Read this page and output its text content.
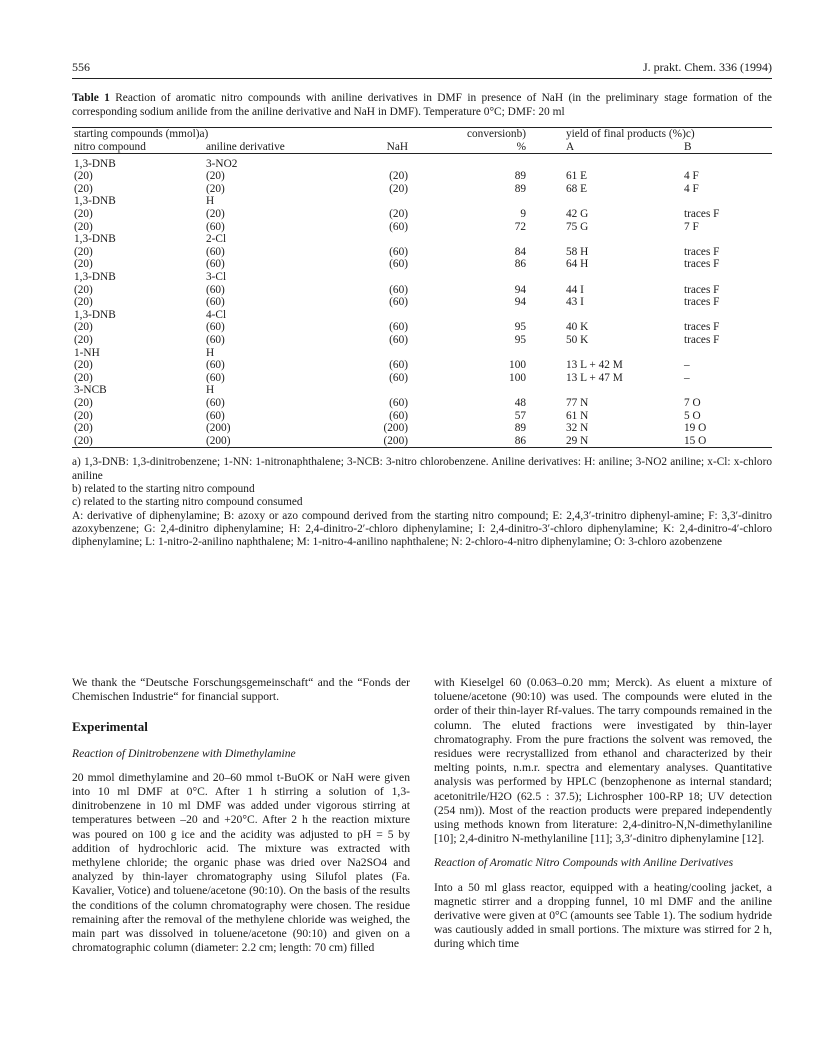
556	J. prakt. Chem. 336 (1994)

Table 1 Reaction of aromatic nitro compounds with aniline derivatives in DMF in presence of NaH (in the preliminary stage formation of the corresponding sodium anilide from the aniline derivative and NaH in DMF). Temperature 0°C; DMF: 20 ml

starting compounds (mmol)a)			conversionb)	yield of final products (%)c)	
nitro compound	aniline derivative	NaH	%	A	B

1,3-DNB	3-NO2				
(20)	(20)	(20)	89	61 E	4 F
(20)	(20)	(20)	89	68 E	4 F
1,3-DNB	H				
(20)	(20)	(20)	9	42 G	traces F
(20)	(60)	(60)	72	75 G	7 F
1,3-DNB	2-Cl				
(20)	(60)	(60)	84	58 H	traces F
(20)	(60)	(60)	86	64 H	traces F
1,3-DNB	3-Cl				
(20)	(60)	(60)	94	44 I	traces F
(20)	(60)	(60)	94	43 I	traces F
1,3-DNB	4-Cl				
(20)	(60)	(60)	95	40 K	traces F
(20)	(60)	(60)	95	50 K	traces F
1-NH	H				
(20)	(60)	(60)	100	13 L + 42 M	–
(20)	(60)	(60)	100	13 L + 47 M	–
3-NCB	H				
(20)	(60)	(60)	48	77 N	7 O
(20)	(60)	(60)	57	61 N	5 O
(20)	(200)	(200)	89	32 N	19 O
(20)	(200)	(200)	86	29 N	15 O

a) 1,3-DNB: 1,3-dinitrobenzene; 1-NN: 1-nitronaphthalene; 3-NCB: 3-nitro chlorobenzene. Aniline derivatives: H: aniline; 3-NO2 aniline; x-Cl: x-chloro aniline

b) related to the starting nitro compound

c) related to the starting nitro compound consumed

A: derivative of diphenylamine; B: azoxy or azo compound derived from the starting nitro compound; E: 2,4,3′-trinitro diphenyl-amine; F: 3,3′-dinitro azoxybenzene; G: 2,4-dinitro diphenylamine; H: 2,4-dinitro-2′-chloro diphenylamine; I: 2,4-dinitro-3′-chloro diphenylamine; K: 2,4-dinitro-4′-chloro diphenylamine; L: 1-nitro-2-anilino naphthalene; M: 1-nitro-4-anilino naphthalene; N: 2-chloro-4-nitro diphenylamine; O: 3-chloro azobenzene

We thank the “Deutsche Forschungsgemeinschaft“ and the “Fonds der Chemischen Industrie“ for financial support.

Experimental
Reaction of Dinitrobenzene with Dimethylamine

20 mmol dimethylamine and 20–60 mmol t-BuOK or NaH were given into 10 ml DMF at 0°C. After 1 h stirring a solution of 1,3-dinitrobenzene in 10 ml DMF was added under vigorous stirring at temperatures between –20 and +20°C. After 2 h the reaction mixture was poured on 100 g ice and the acidity was adjusted to pH = 5 by addition of hydrochloric acid. The mixture was extracted with methylene chloride; the organic phase was dried over Na2SO4 and analyzed by thin-layer chromatography using Silufol plates (Fa. Kavalier, Votice) and toluene/acetone (90:10). On the basis of the results the conditions of the column chromatography were chosen. The residue remaining after the removal of the methylene chloride was weighed, the main part was dissolved in toluene/acetone (90:10) and given on a chromatographic column (diameter: 2.2 cm; length: 70 cm) filled

with Kieselgel 60 (0.063–0.20 mm; Merck). As eluent a mixture of toluene/acetone (90:10) was used. The compounds were eluted in the order of their thin-layer Rf-values. The tarry compounds remained in the column. The eluted fractions were investigated by thin-layer chromatography. From the pure fractions the solvent was removed, the residues were recrystallized from ethanol and characterized by their melting points, n.m.r. spectra and elementary analyses. Quantitative analysis was performed by HPLC (benzophenone as internal standard; acetonitrile/H2O (62.5 : 37.5); Lichrospher 100-RP 18; UV detection (254 nm)). Most of the reaction products were prepared independently using methods known from literature: 2,4-dinitro-N,N-dimethylaniline [10]; 2,4-dinitro N-methylaniline [11]; 3,3′-dinitro diphenylamine [12].

Reaction of Aromatic Nitro Compounds with Aniline Derivatives

Into a 50 ml glass reactor, equipped with a heating/cooling jacket, a magnetic stirrer and a dropping funnel, 10 ml DMF and the aniline derivative were given at 0°C (amounts see Table 1). The sodium hydride was cautiously added in small portions. The mixture was stirred for 2 h, during which time
